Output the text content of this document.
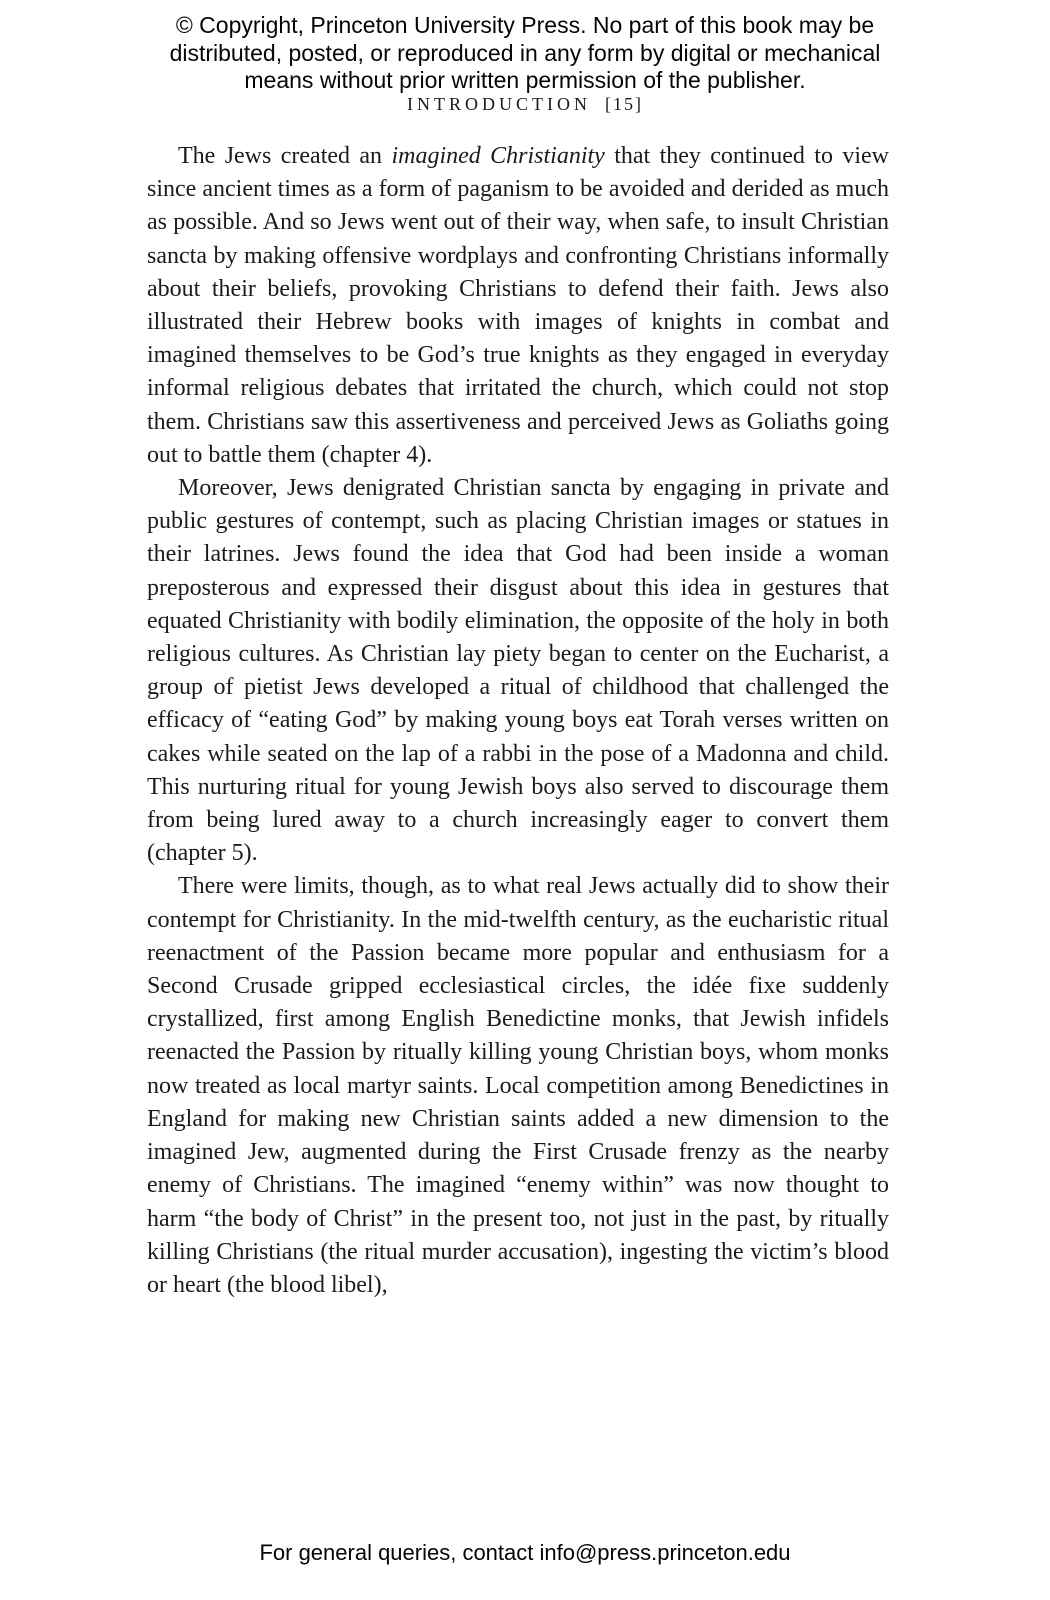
© Copyright, Princeton University Press. No part of this book may be
distributed, posted, or reproduced in any form by digital or mechanical
means without prior written permission of the publisher.
INTRODUCTION [15]

The Jews created an imagined Christianity that they continued to view since ancient times as a form of paganism to be avoided and derided as much as possible. And so Jews went out of their way, when safe, to insult Christian sancta by making offensive wordplays and confronting Christians informally about their beliefs, provoking Christians to defend their faith. Jews also illustrated their Hebrew books with images of knights in combat and imagined themselves to be God’s true knights as they engaged in everyday informal religious debates that irritated the church, which could not stop them. Christians saw this assertiveness and perceived Jews as Goliaths going out to battle them (chapter 4).

Moreover, Jews denigrated Christian sancta by engaging in private and public gestures of contempt, such as placing Christian images or statues in their latrines. Jews found the idea that God had been inside a woman preposterous and expressed their disgust about this idea in gestures that equated Christianity with bodily elimination, the opposite of the holy in both religious cultures. As Christian lay piety began to center on the Eucharist, a group of pietist Jews developed a ritual of childhood that challenged the efficacy of “eating God” by making young boys eat Torah verses written on cakes while seated on the lap of a rabbi in the pose of a Madonna and child. This nurturing ritual for young Jewish boys also served to discourage them from being lured away to a church increasingly eager to convert them (chapter 5).

There were limits, though, as to what real Jews actually did to show their contempt for Christianity. In the mid-twelfth century, as the eucharistic ritual reenactment of the Passion became more popular and enthusiasm for a Second Crusade gripped ecclesiastical circles, the idée fixe suddenly crystallized, first among English Benedictine monks, that Jewish infidels reenacted the Passion by ritually killing young Christian boys, whom monks now treated as local martyr saints. Local competition among Benedictines in England for making new Christian saints added a new dimension to the imagined Jew, augmented during the First Crusade frenzy as the nearby enemy of Christians. The imagined “enemy within” was now thought to harm “the body of Christ” in the present too, not just in the past, by ritually killing Christians (the ritual murder accusation), ingesting the victim’s blood or heart (the blood libel),

For general queries, contact info@press.princeton.edu
